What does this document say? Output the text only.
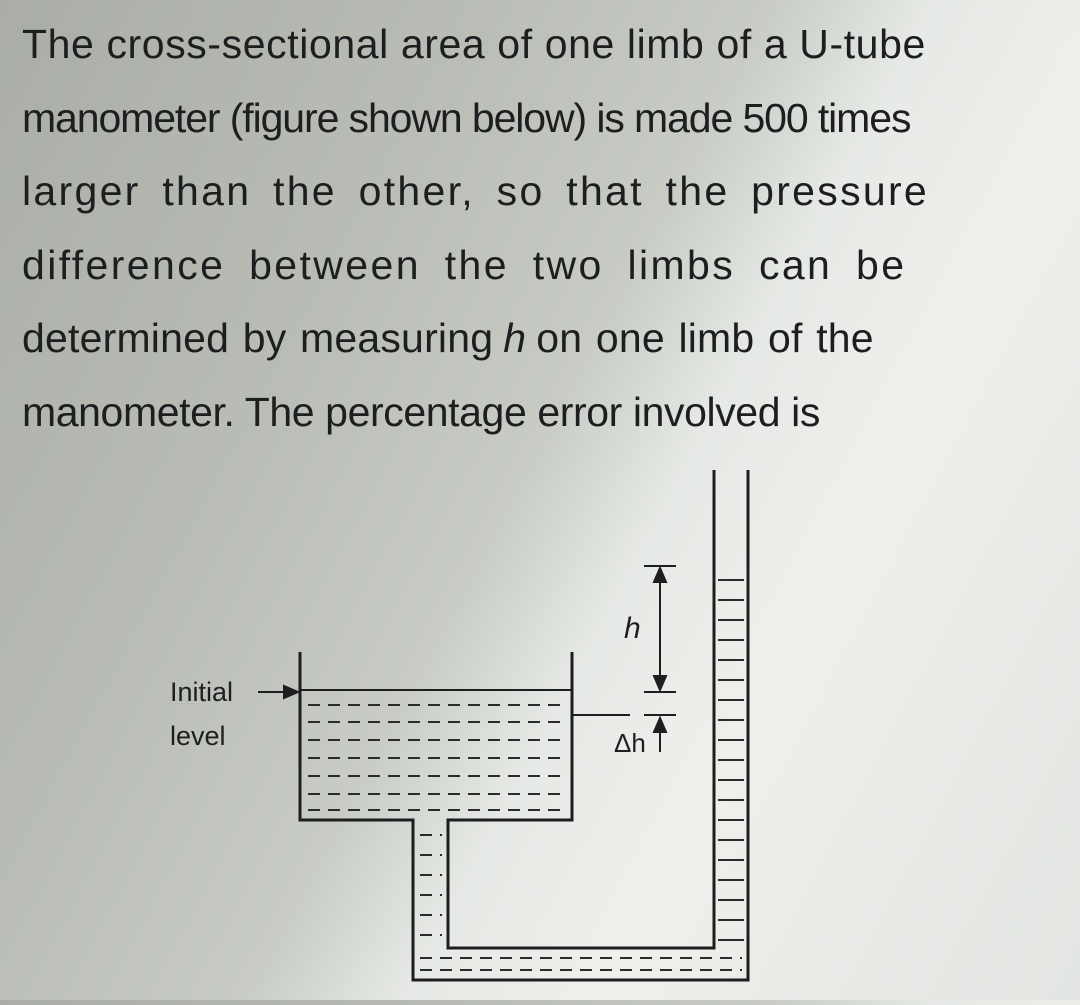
The cross-sectional area of one limb of a U-tube

manometer (figure shown below) is made 500 times

larger than the other, so that the pressure

difference between the two limbs can be

determined by measuring h on one limb of the

manometer. The percentage error involved is

Initial
level
h
Δh
